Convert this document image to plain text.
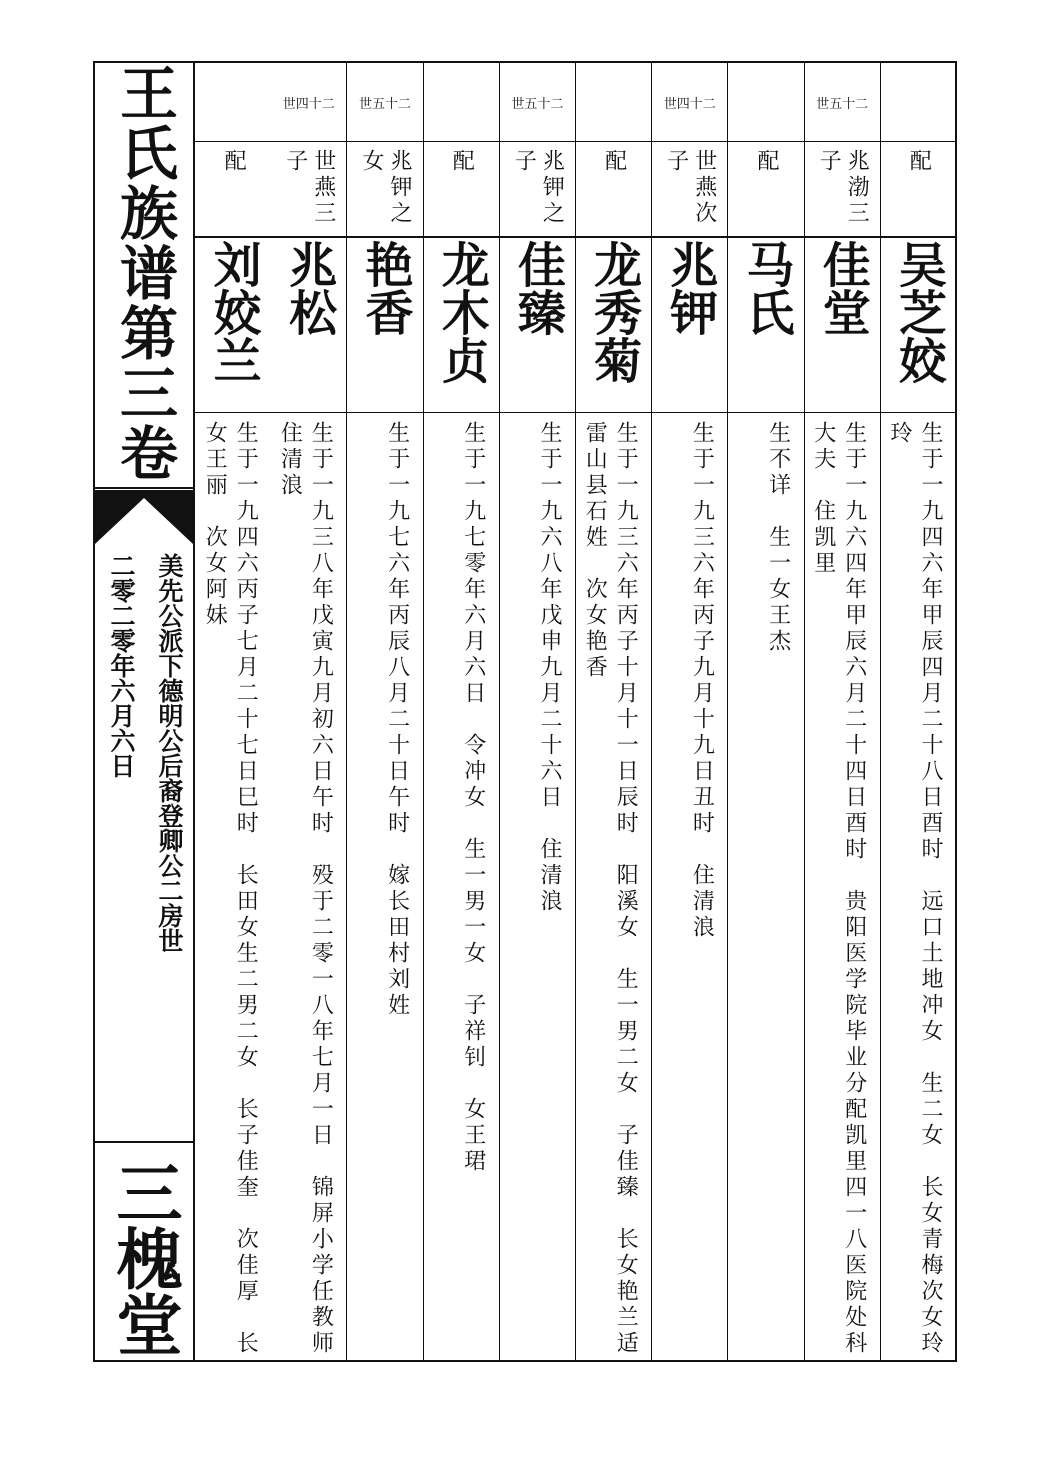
王氏族谱第三卷
美先公派下德明公后裔登卿公二房世
二零二零年六月六日
三槐堂
配
吴芝姣
生于一九四六年甲辰四月二十八日酉时　远口土地冲女　生二女　长女青梅次女玲玲
世五十二
兆渤三子
佳堂
生于一九六四年甲辰六月二十四日酉时　贵阳医学院毕业分配凯里四一八医院处科大夫　住凯里
配
马氏
生不详　生一女王杰
世四十二
世燕次子
兆钾
生于一九三六年丙子九月十九日丑时　住清浪
配
龙秀菊
生于一九三六年丙子十月十一日辰时　阳溪女　生一男二女　子佳臻　长女艳兰适雷山县石姓　次女艳香
世五十二
兆钾之子
佳臻
生于一九六八年戊申九月二十六日　住清浪
配
龙木贞
生于一九七零年六月六日　令冲女　生一男一女　子祥钊　女王珺
世五十二
兆钾之女
艳香
生于一九七六年丙辰八月二十日午时　嫁长田村刘姓
世四十二
世燕三子
兆松
生于一九三八年戊寅九月初六日午时　殁于二零一八年七月一日　锦屏小学任教师　住清浪
配
刘姣兰
生于一九四六丙子七月二十七日巳时　长田女生二男二女　长子佳奎　次佳厚　长女王丽　次女阿妹
